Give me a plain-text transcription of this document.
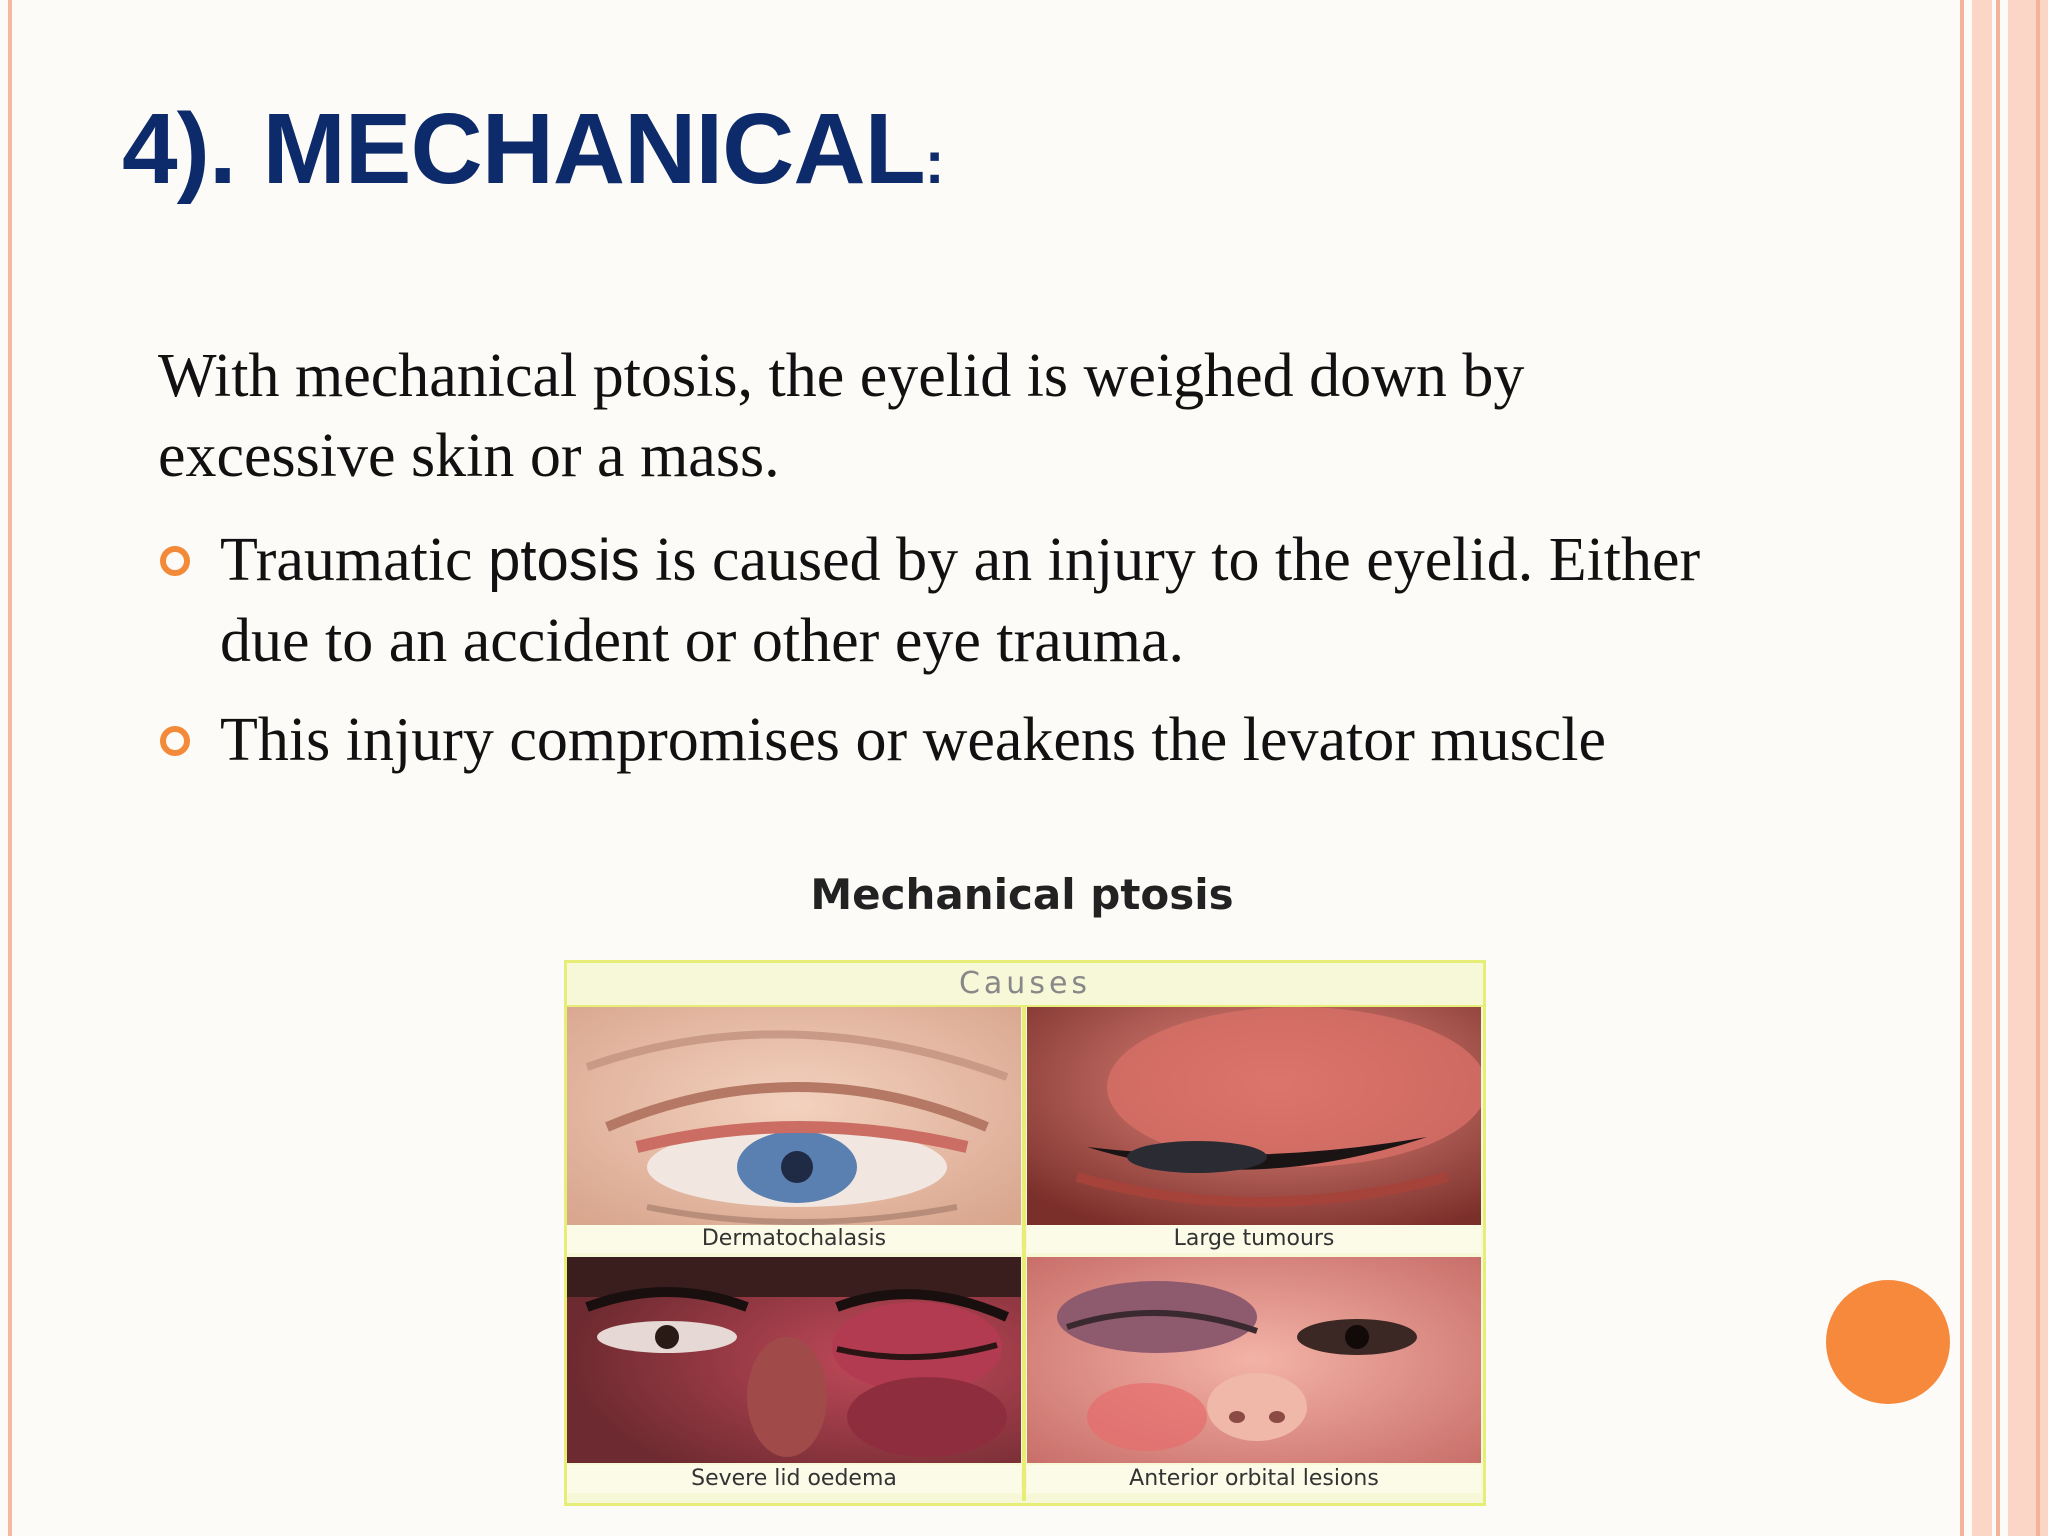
4). MECHANICAL:
With mechanical ptosis, the eyelid is weighed down by excessive skin or a mass.
Traumatic ptosis is caused by an injury to the eyelid. Either due to an accident or other eye trauma.
This injury compromises or weakens the levator muscle
Mechanical ptosis
Causes
Dermatochalasis	Large tumours
Severe lid oedema	Anterior orbital lesions
